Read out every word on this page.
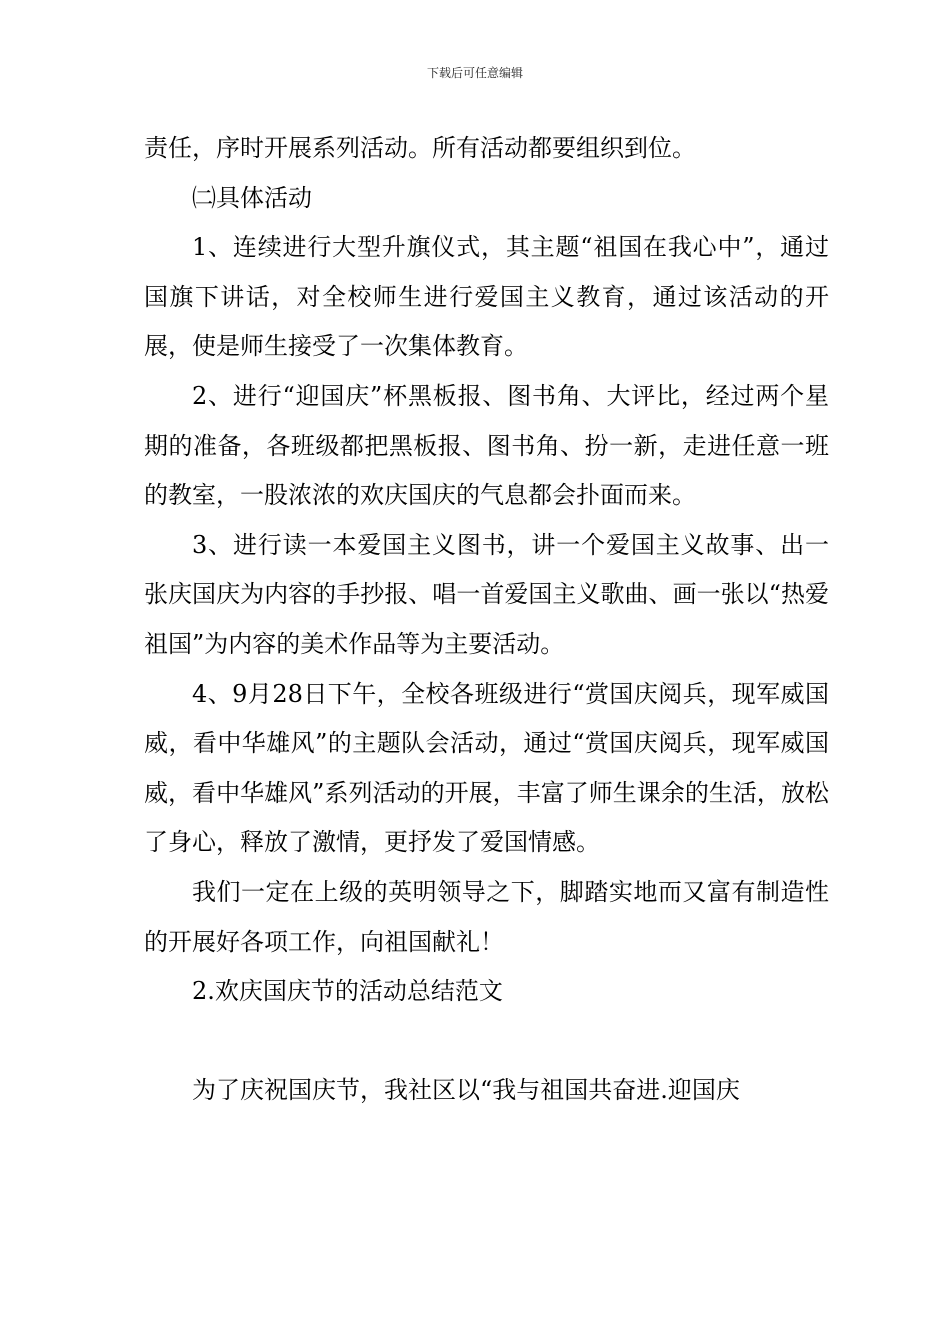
下载后可任意编辑

责任，序时开展系列活动。所有活动都要组织到位。

㈡具体活动

1、连续进行大型升旗仪式，其主题“祖国在我心中”，通过国旗下讲话，对全校师生进行爱国主义教育，通过该活动的开展，使是师生接受了一次集体教育。

2、进行“迎国庆”杯黑板报、图书角、大评比，经过两个星期的准备，各班级都把黑板报、图书角、扮一新，走进任意一班的教室，一股浓浓的欢庆国庆的气息都会扑面而来。

3、进行读一本爱国主义图书，讲一个爱国主义故事、出一张庆国庆为内容的手抄报、唱一首爱国主义歌曲、画一张以“热爱祖国”为内容的美术作品等为主要活动。

4、9月28日下午，全校各班级进行“赏国庆阅兵，现军威国威，看中华雄风”的主题队会活动，通过“赏国庆阅兵，现军威国威，看中华雄风”系列活动的开展，丰富了师生课余的生活，放松了身心，释放了激情，更抒发了爱国情感。

我们一定在上级的英明领导之下，脚踏实地而又富有制造性的开展好各项工作，向祖国献礼！

2.欢庆国庆节的活动总结范文

为了庆祝国庆节，我社区以“我与祖国共奋进.迎国庆
